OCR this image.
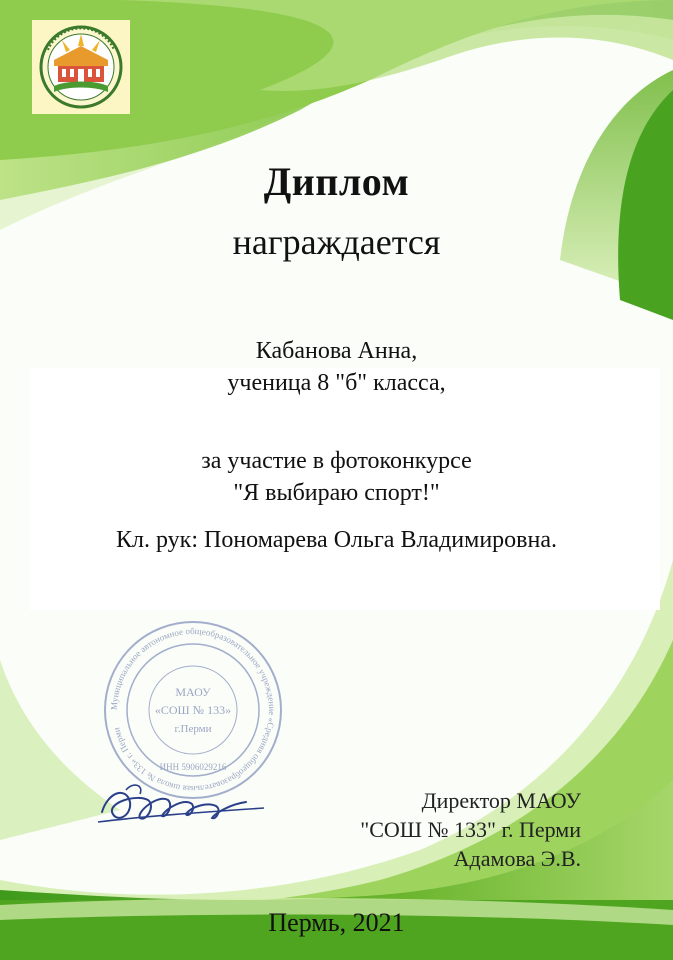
Диплом
награждается
Кабанова Анна,
ученица 8 "б" класса,
за участие в фотоконкурсе
"Я выбираю спорт!"
Кл. рук: Пономарева Ольга Владимировна.
Муниципальное автономное общеобразовательное учреждение «Средняя общеобразовательная школа № 133» г. Перми
МАОУ
«СОШ № 133»
г.Перми
ИНН 5906029216
Директор МАОУ
"СОШ № 133" г. Перми
Адамова Э.В.
Пермь, 2021
